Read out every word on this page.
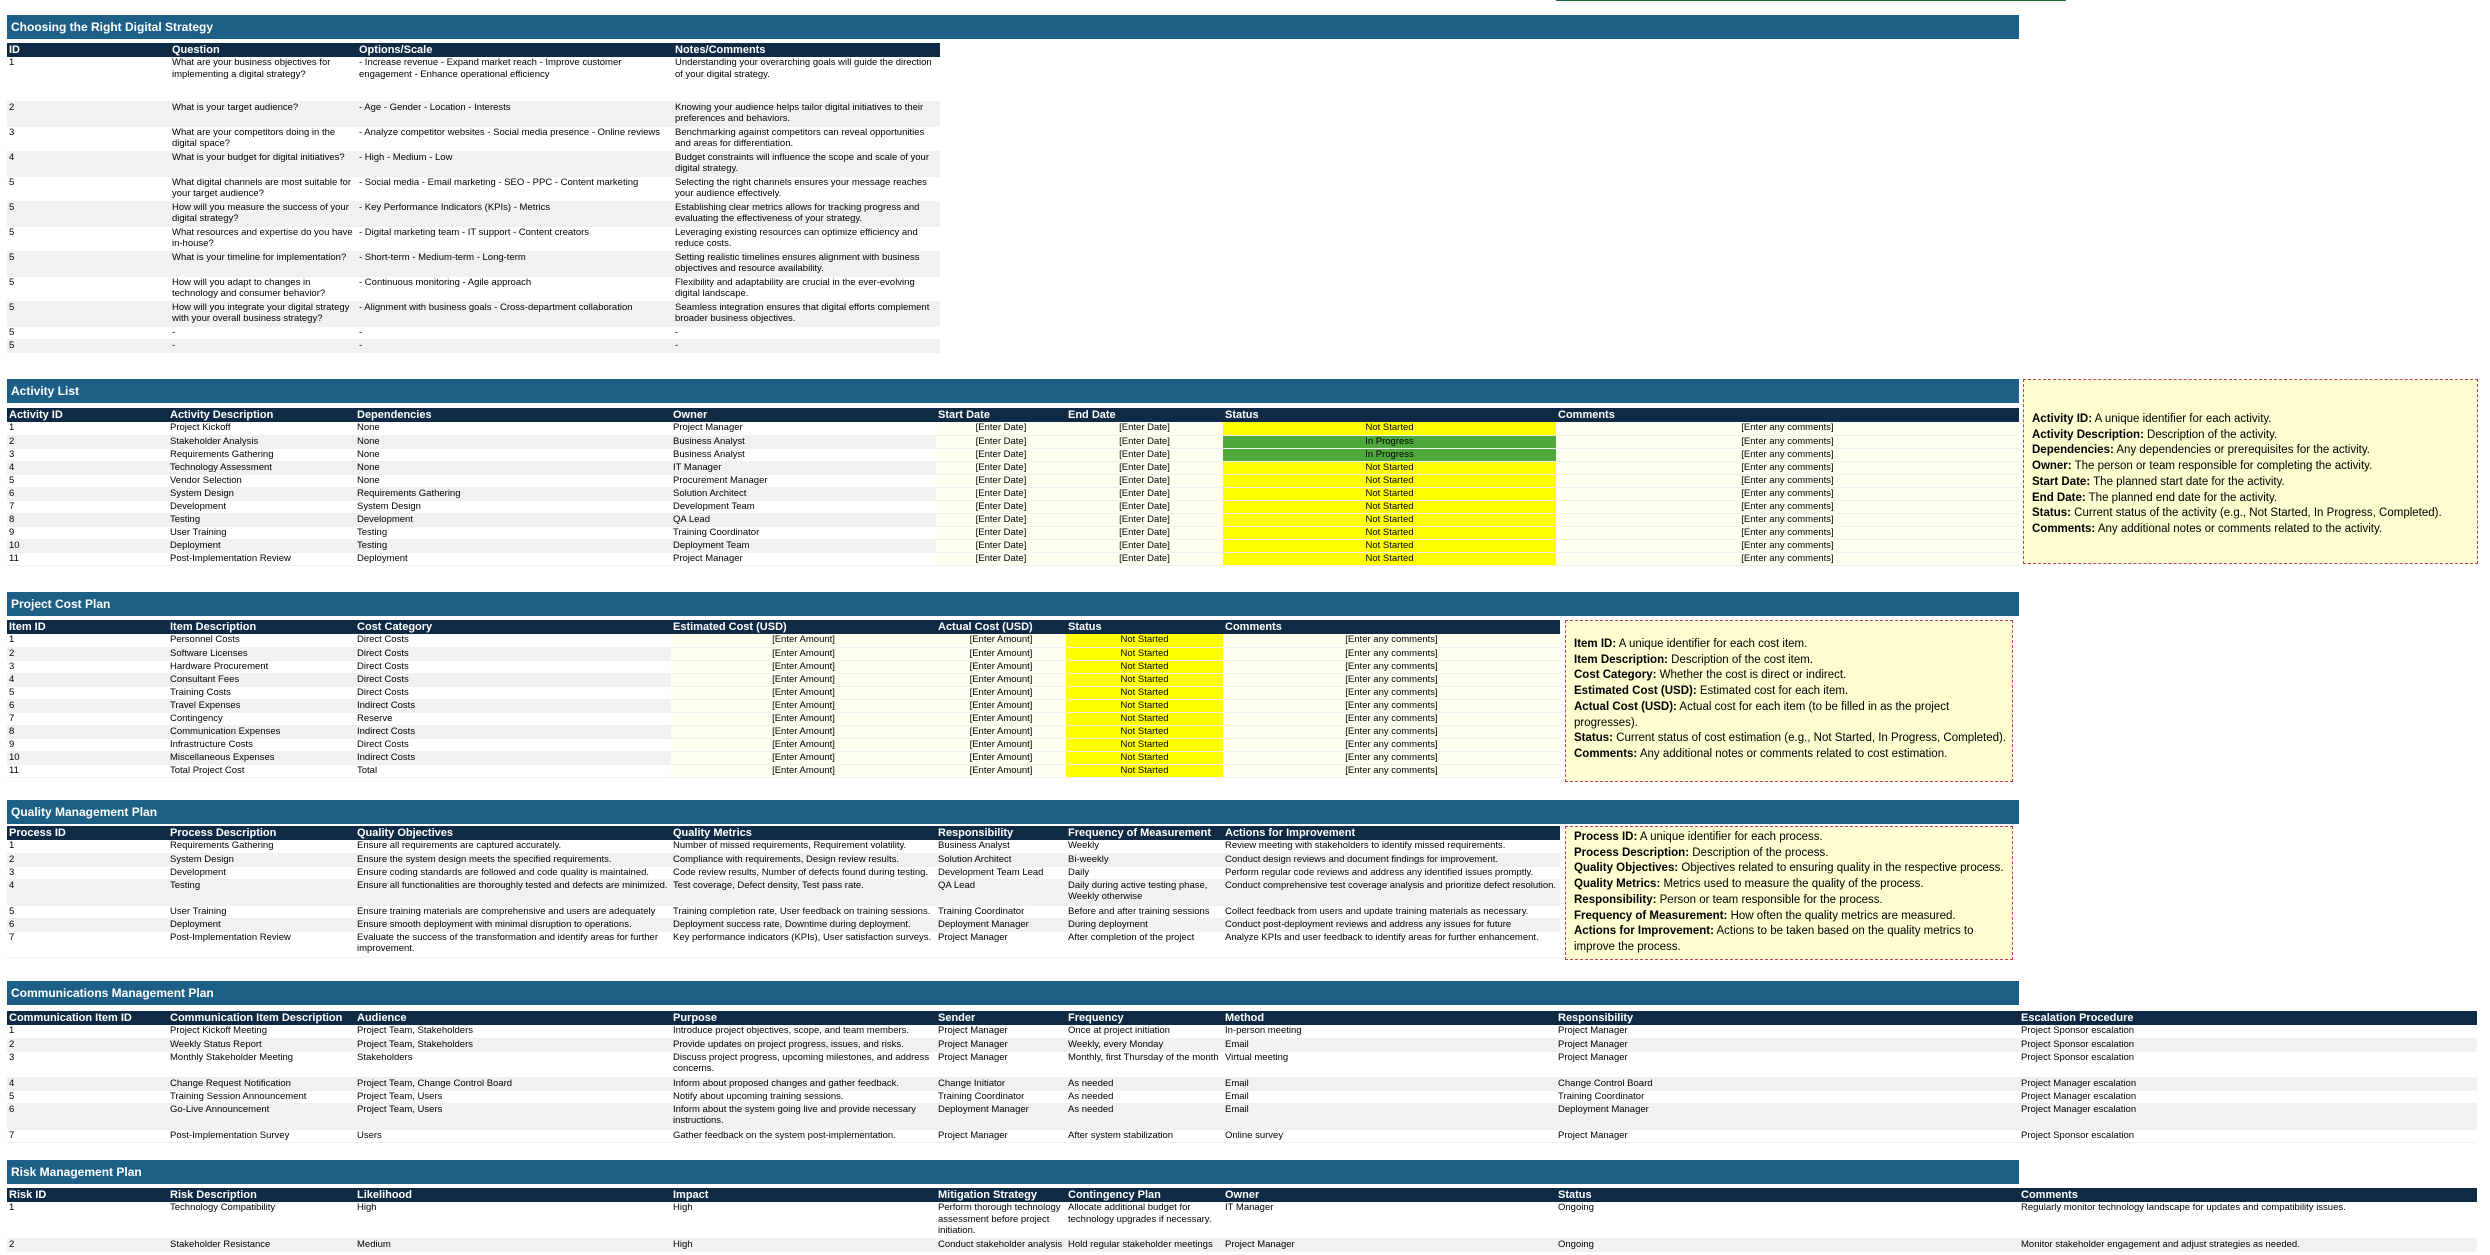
Choosing the Right Digital Strategy
ID	Question	Options/Scale	Notes/Comments
1	What are your business objectives for implementing a digital strategy?	- Increase revenue - Expand market reach - Improve customer engagement - Enhance operational efficiency	Understanding your overarching goals will guide the direction of your digital strategy.
2	What is your target audience?	- Age - Gender - Location - Interests	Knowing your audience helps tailor digital initiatives to their preferences and behaviors.
3	What are your competitors doing in the digital space?	- Analyze competitor websites - Social media presence - Online reviews	Benchmarking against competitors can reveal opportunities and areas for differentiation.
4	What is your budget for digital initiatives?	- High - Medium - Low	Budget constraints will influence the scope and scale of your digital strategy.
5	What digital channels are most suitable for your target audience?	- Social media - Email marketing - SEO - PPC - Content marketing	Selecting the right channels ensures your message reaches your audience effectively.
5	How will you measure the success of your digital strategy?	- Key Performance Indicators (KPIs) - Metrics	Establishing clear metrics allows for tracking progress and evaluating the effectiveness of your strategy.
5	What resources and expertise do you have in-house?	- Digital marketing team - IT support - Content creators	Leveraging existing resources can optimize efficiency and reduce costs.
5	What is your timeline for implementation?	- Short-term - Medium-term - Long-term	Setting realistic timelines ensures alignment with business objectives and resource availability.
5	How will you adapt to changes in technology and consumer behavior?	- Continuous monitoring - Agile approach	Flexibility and adaptability are crucial in the ever-evolving digital landscape.
5	How will you integrate your digital strategy with your overall business strategy?	- Alignment with business goals - Cross-department collaboration	Seamless integration ensures that digital efforts complement broader business objectives.
5	-	-	-
5	-	-	-
Activity List
Activity ID	Activity Description	Dependencies	Owner	Start Date	End Date	Status	Comments
1	Project Kickoff	None	Project Manager	[Enter Date]	[Enter Date]	Not Started	[Enter any comments]
2	Stakeholder Analysis	None	Business Analyst	[Enter Date]	[Enter Date]	In Progress	[Enter any comments]
3	Requirements Gathering	None	Business Analyst	[Enter Date]	[Enter Date]	In Progress	[Enter any comments]
4	Technology Assessment	None	IT Manager	[Enter Date]	[Enter Date]	Not Started	[Enter any comments]
5	Vendor Selection	None	Procurement Manager	[Enter Date]	[Enter Date]	Not Started	[Enter any comments]
6	System Design	Requirements Gathering	Solution Architect	[Enter Date]	[Enter Date]	Not Started	[Enter any comments]
7	Development	System Design	Development Team	[Enter Date]	[Enter Date]	Not Started	[Enter any comments]
8	Testing	Development	QA Lead	[Enter Date]	[Enter Date]	Not Started	[Enter any comments]
9	User Training	Testing	Training Coordinator	[Enter Date]	[Enter Date]	Not Started	[Enter any comments]
10	Deployment	Testing	Deployment Team	[Enter Date]	[Enter Date]	Not Started	[Enter any comments]
11	Post-Implementation Review	Deployment	Project Manager	[Enter Date]	[Enter Date]	Not Started	[Enter any comments]
Activity ID: A unique identifier for each activity.
Activity Description: Description of the activity.
Dependencies: Any dependencies or prerequisites for the activity.
Owner: The person or team responsible for completing the activity.
Start Date: The planned start date for the activity.
End Date: The planned end date for the activity.
Status: Current status of the activity (e.g., Not Started, In Progress, Completed).
Comments: Any additional notes or comments related to the activity.
Project Cost Plan
Item ID	Item Description	Cost Category	Estimated Cost (USD)	Actual Cost (USD)	Status	Comments
1	Personnel Costs	Direct Costs	[Enter Amount]	[Enter Amount]	Not Started	[Enter any comments]
2	Software Licenses	Direct Costs	[Enter Amount]	[Enter Amount]	Not Started	[Enter any comments]
3	Hardware Procurement	Direct Costs	[Enter Amount]	[Enter Amount]	Not Started	[Enter any comments]
4	Consultant Fees	Direct Costs	[Enter Amount]	[Enter Amount]	Not Started	[Enter any comments]
5	Training Costs	Direct Costs	[Enter Amount]	[Enter Amount]	Not Started	[Enter any comments]
6	Travel Expenses	Indirect Costs	[Enter Amount]	[Enter Amount]	Not Started	[Enter any comments]
7	Contingency	Reserve	[Enter Amount]	[Enter Amount]	Not Started	[Enter any comments]
8	Communication Expenses	Indirect Costs	[Enter Amount]	[Enter Amount]	Not Started	[Enter any comments]
9	Infrastructure Costs	Direct Costs	[Enter Amount]	[Enter Amount]	Not Started	[Enter any comments]
10	Miscellaneous Expenses	Indirect Costs	[Enter Amount]	[Enter Amount]	Not Started	[Enter any comments]
11	Total Project Cost	Total	[Enter Amount]	[Enter Amount]	Not Started	[Enter any comments]
Item ID: A unique identifier for each cost item.
Item Description: Description of the cost item.
Cost Category: Whether the cost is direct or indirect.
Estimated Cost (USD): Estimated cost for each item.
Actual Cost (USD): Actual cost for each item (to be filled in as the project
progresses).
Status: Current status of cost estimation (e.g., Not Started, In Progress, Completed).
Comments: Any additional notes or comments related to cost estimation.
Quality Management Plan
Process ID	Process Description	Quality Objectives	Quality Metrics	Responsibility	Frequency of Measurement	Actions for Improvement
1	Requirements Gathering	Ensure all requirements are captured accurately.	Number of missed requirements, Requirement volatility.	Business Analyst	Weekly	Review meeting with stakeholders to identify missed requirements.
2	System Design	Ensure the system design meets the specified requirements.	Compliance with requirements, Design review results.	Solution Architect	Bi-weekly	Conduct design reviews and document findings for improvement.
3	Development	Ensure coding standards are followed and code quality is maintained.	Code review results, Number of defects found during testing.	Development Team Lead	Daily	Perform regular code reviews and address any identified issues promptly.
4	Testing	Ensure all functionalities are thoroughly tested and defects are minimized.	Test coverage, Defect density, Test pass rate.	QA Lead	Daily during active testing phase, Weekly otherwise	Conduct comprehensive test coverage analysis and prioritize defect resolution.
5	User Training	Ensure training materials are comprehensive and users are adequately	Training completion rate, User feedback on training sessions.	Training Coordinator	Before and after training sessions	Collect feedback from users and update training materials as necessary.
6	Deployment	Ensure smooth deployment with minimal disruption to operations.	Deployment success rate, Downtime during deployment.	Deployment Manager	During deployment	Conduct post-deployment reviews and address any issues for future
7	Post-Implementation Review	Evaluate the success of the transformation and identify areas for further improvement.	Key performance indicators (KPIs), User satisfaction surveys.	Project Manager	After completion of the project	Analyze KPIs and user feedback to identify areas for further enhancement.
Process ID: A unique identifier for each process.
Process Description: Description of the process.
Quality Objectives: Objectives related to ensuring quality in the respective process.
Quality Metrics: Metrics used to measure the quality of the process.
Responsibility: Person or team responsible for the process.
Frequency of Measurement: How often the quality metrics are measured.
Actions for Improvement: Actions to be taken based on the quality metrics to
improve the process.
Communications Management Plan
Communication Item ID	Communication Item Description	Audience	Purpose	Sender	Frequency	Method	Responsibility	Escalation Procedure
1	Project Kickoff Meeting	Project Team, Stakeholders	Introduce project objectives, scope, and team members.	Project Manager	Once at project initiation	In-person meeting	Project Manager	Project Sponsor escalation
2	Weekly Status Report	Project Team, Stakeholders	Provide updates on project progress, issues, and risks.	Project Manager	Weekly, every Monday	Email	Project Manager	Project Sponsor escalation
3	Monthly Stakeholder Meeting	Stakeholders	Discuss project progress, upcoming milestones, and address concerns.	Project Manager	Monthly, first Thursday of the month	Virtual meeting	Project Manager	Project Sponsor escalation
4	Change Request Notification	Project Team, Change Control Board	Inform about proposed changes and gather feedback.	Change Initiator	As needed	Email	Change Control Board	Project Manager escalation
5	Training Session Announcement	Project Team, Users	Notify about upcoming training sessions.	Training Coordinator	As needed	Email	Training Coordinator	Project Manager escalation
6	Go-Live Announcement	Project Team, Users	Inform about the system going live and provide necessary instructions.	Deployment Manager	As needed	Email	Deployment Manager	Project Manager escalation
7	Post-Implementation Survey	Users	Gather feedback on the system post-implementation.	Project Manager	After system stabilization	Online survey	Project Manager	Project Sponsor escalation
Risk Management Plan
Risk ID	Risk Description	Likelihood	Impact	Mitigation Strategy	Contingency Plan	Owner	Status	Comments
1	Technology Compatibility	High	High	Perform thorough technology assessment before project initiation.	Allocate additional budget for technology upgrades if necessary.	IT Manager	Ongoing	Regularly monitor technology landscape for updates and compatibility issues.
2	Stakeholder Resistance	Medium	High	Conduct stakeholder analysis	Hold regular stakeholder meetings	Project Manager	Ongoing	Monitor stakeholder engagement and adjust strategies as needed.
